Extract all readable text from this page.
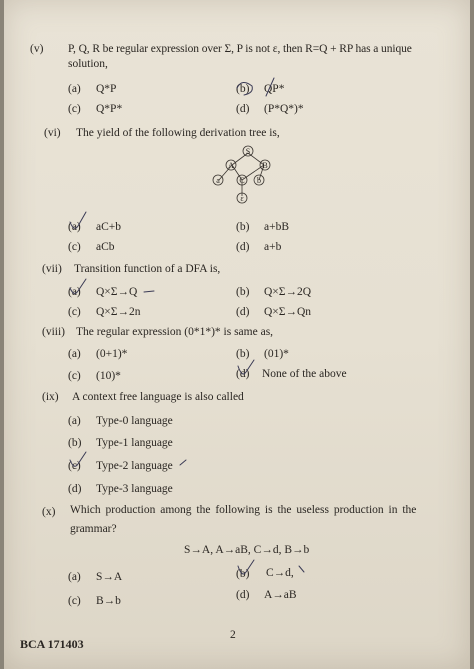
(v) P, Q, R be regular expression over Σ, P is not ε, then R=Q + RP has a unique
solution,
(a) Q*P	(b) QP*
(c) Q*P*	(d) (P*Q*)*
(vi) The yield of the following derivation tree is,
S
A	B
a C b
ε
(a) aC+b	(b) a+bB
(c) aCb	(d) a+b
(vii) Transition function of a DFA is,
(a) Q×Σ→Q	(b) Q×Σ→2Q
(c) Q×Σ→2n	(d) Q×Σ→Qn
(viii) The regular expression (0*1*)* is same as,
(a) (0+1)*	(b) (01)*
(c) (10)*	(d) None of the above
(ix) A context free language is also called
(a) Type-0 language
(b) Type-1 language
(c) Type-2 language
(d) Type-3 language
(x) Which production among the following is the useless production in the
grammar?
S→A, A→aB, C→d, B→b
(a) S→A	(b) C→d,
(c) B→b	(d) A→aB
BCA 171403
2
